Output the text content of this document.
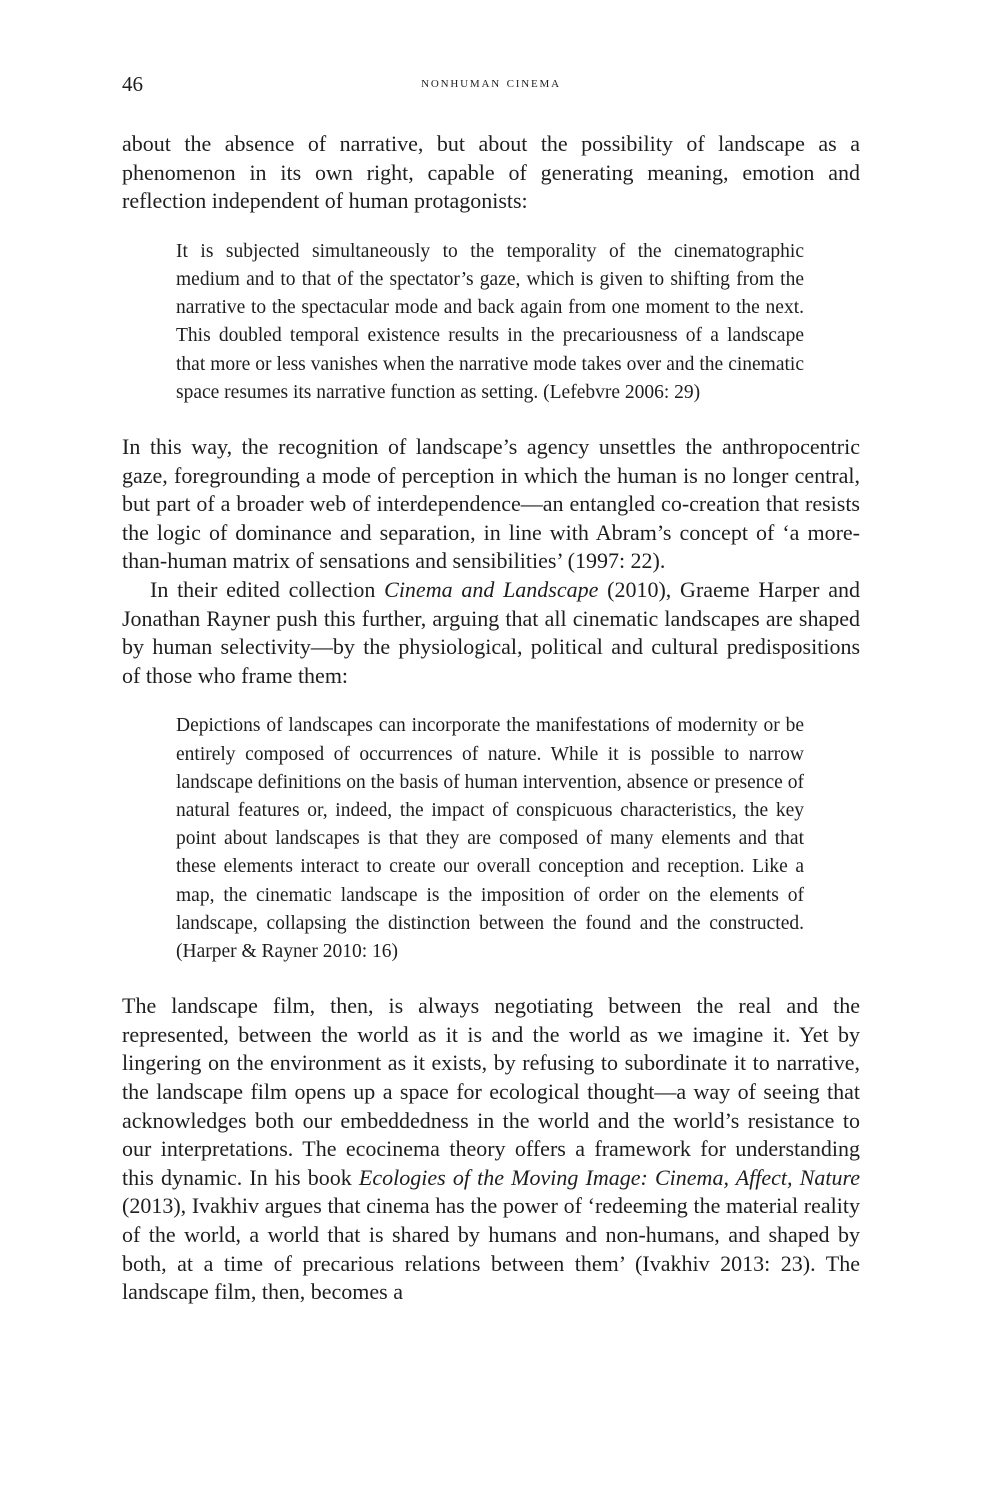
46	nonhuman cinema

about the absence of narrative, but about the possibility of landscape as a phenomenon in its own right, capable of generating meaning, emotion and reflection independent of human protagonists:

It is subjected simultaneously to the temporality of the cinematographic medium and to that of the spectator’s gaze, which is given to shifting from the narrative to the spectacular mode and back again from one moment to the next. This doubled temporal existence results in the precariousness of a landscape that more or less vanishes when the narrative mode takes over and the cinematic space resumes its narrative function as setting. (Lefebvre 2006: 29)

In this way, the recognition of landscape’s agency unsettles the anthropocentric gaze, foregrounding a mode of perception in which the human is no longer central, but part of a broader web of interdependence—an entangled co-creation that resists the logic of dominance and separation, in line with Abram’s concept of ‘a more-than-human matrix of sensations and sensibilities’ (1997: 22).

In their edited collection Cinema and Landscape (2010), Graeme Harper and Jonathan Rayner push this further, arguing that all cinematic landscapes are shaped by human selectivity—by the physiological, political and cultural predispositions of those who frame them:

Depictions of landscapes can incorporate the manifestations of modernity or be entirely composed of occurrences of nature. While it is possible to narrow landscape definitions on the basis of human intervention, absence or presence of natural features or, indeed, the impact of conspicuous characteristics, the key point about landscapes is that they are composed of many elements and that these elements interact to create our overall conception and reception. Like a map, the cinematic landscape is the imposition of order on the elements of landscape, collapsing the distinction between the found and the constructed. (Harper & Rayner 2010: 16)

The landscape film, then, is always negotiating between the real and the represented, between the world as it is and the world as we imagine it. Yet by lingering on the environment as it exists, by refusing to subordinate it to narrative, the landscape film opens up a space for ecological thought—a way of seeing that acknowledges both our embeddedness in the world and the world’s resistance to our interpretations. The ecocinema theory offers a framework for understanding this dynamic. In his book Ecologies of the Moving Image: Cinema, Affect, Nature (2013), Ivakhiv argues that cinema has the power of ‘redeeming the material reality of the world, a world that is shared by humans and non-humans, and shaped by both, at a time of precarious relations between them’ (Ivakhiv 2013: 23). The landscape film, then, becomes a
